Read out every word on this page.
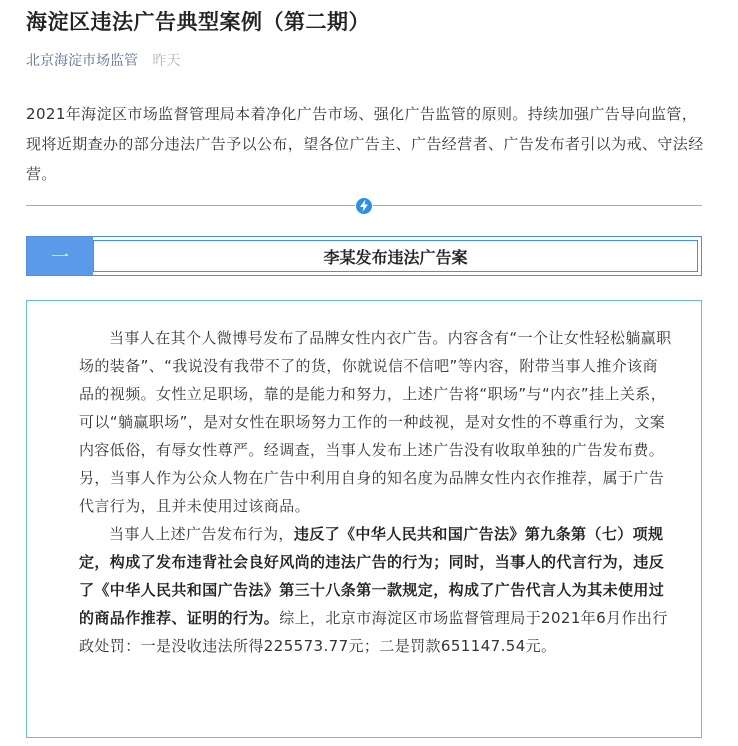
海淀区违法广告典型案例（第二期）
北京海淀市场监管 昨天

2021年海淀区市场监督管理局本着净化广告市场、强化广告监管的原则。持续加强广告导向监管，现将近期查办的部分违法广告予以公布，望各位广告主、广告经营者、广告发布者引以为戒、守法经营。

一	李某发布违法广告案

当事人在其个人微博号发布了品牌女性内衣广告。内容含有“一个让女性轻松躺赢职场的装备”、“我说没有我带不了的货，你就说信不信吧”等内容，附带当事人推介该商品的视频。女性立足职场，靠的是能力和努力，上述广告将“职场”与“内衣”挂上关系，可以“躺赢职场”，是对女性在职场努力工作的一种歧视，是对女性的不尊重行为，文案内容低俗，有辱女性尊严。经调查，当事人发布上述广告没有收取单独的广告发布费。另，当事人作为公众人物在广告中利用自身的知名度为品牌女性内衣作推荐，属于广告代言行为，且并未使用过该商品。

当事人上述广告发布行为，违反了《中华人民共和国广告法》第九条第（七）项规定，构成了发布违背社会良好风尚的违法广告的行为；同时，当事人的代言行为，违反了《中华人民共和国广告法》第三十八条第一款规定，构成了广告代言人为其未使用过的商品作推荐、证明的行为。综上，北京市海淀区市场监督管理局于2021年6月作出行政处罚：一是没收违法所得225573.77元；二是罚款651147.54元。
